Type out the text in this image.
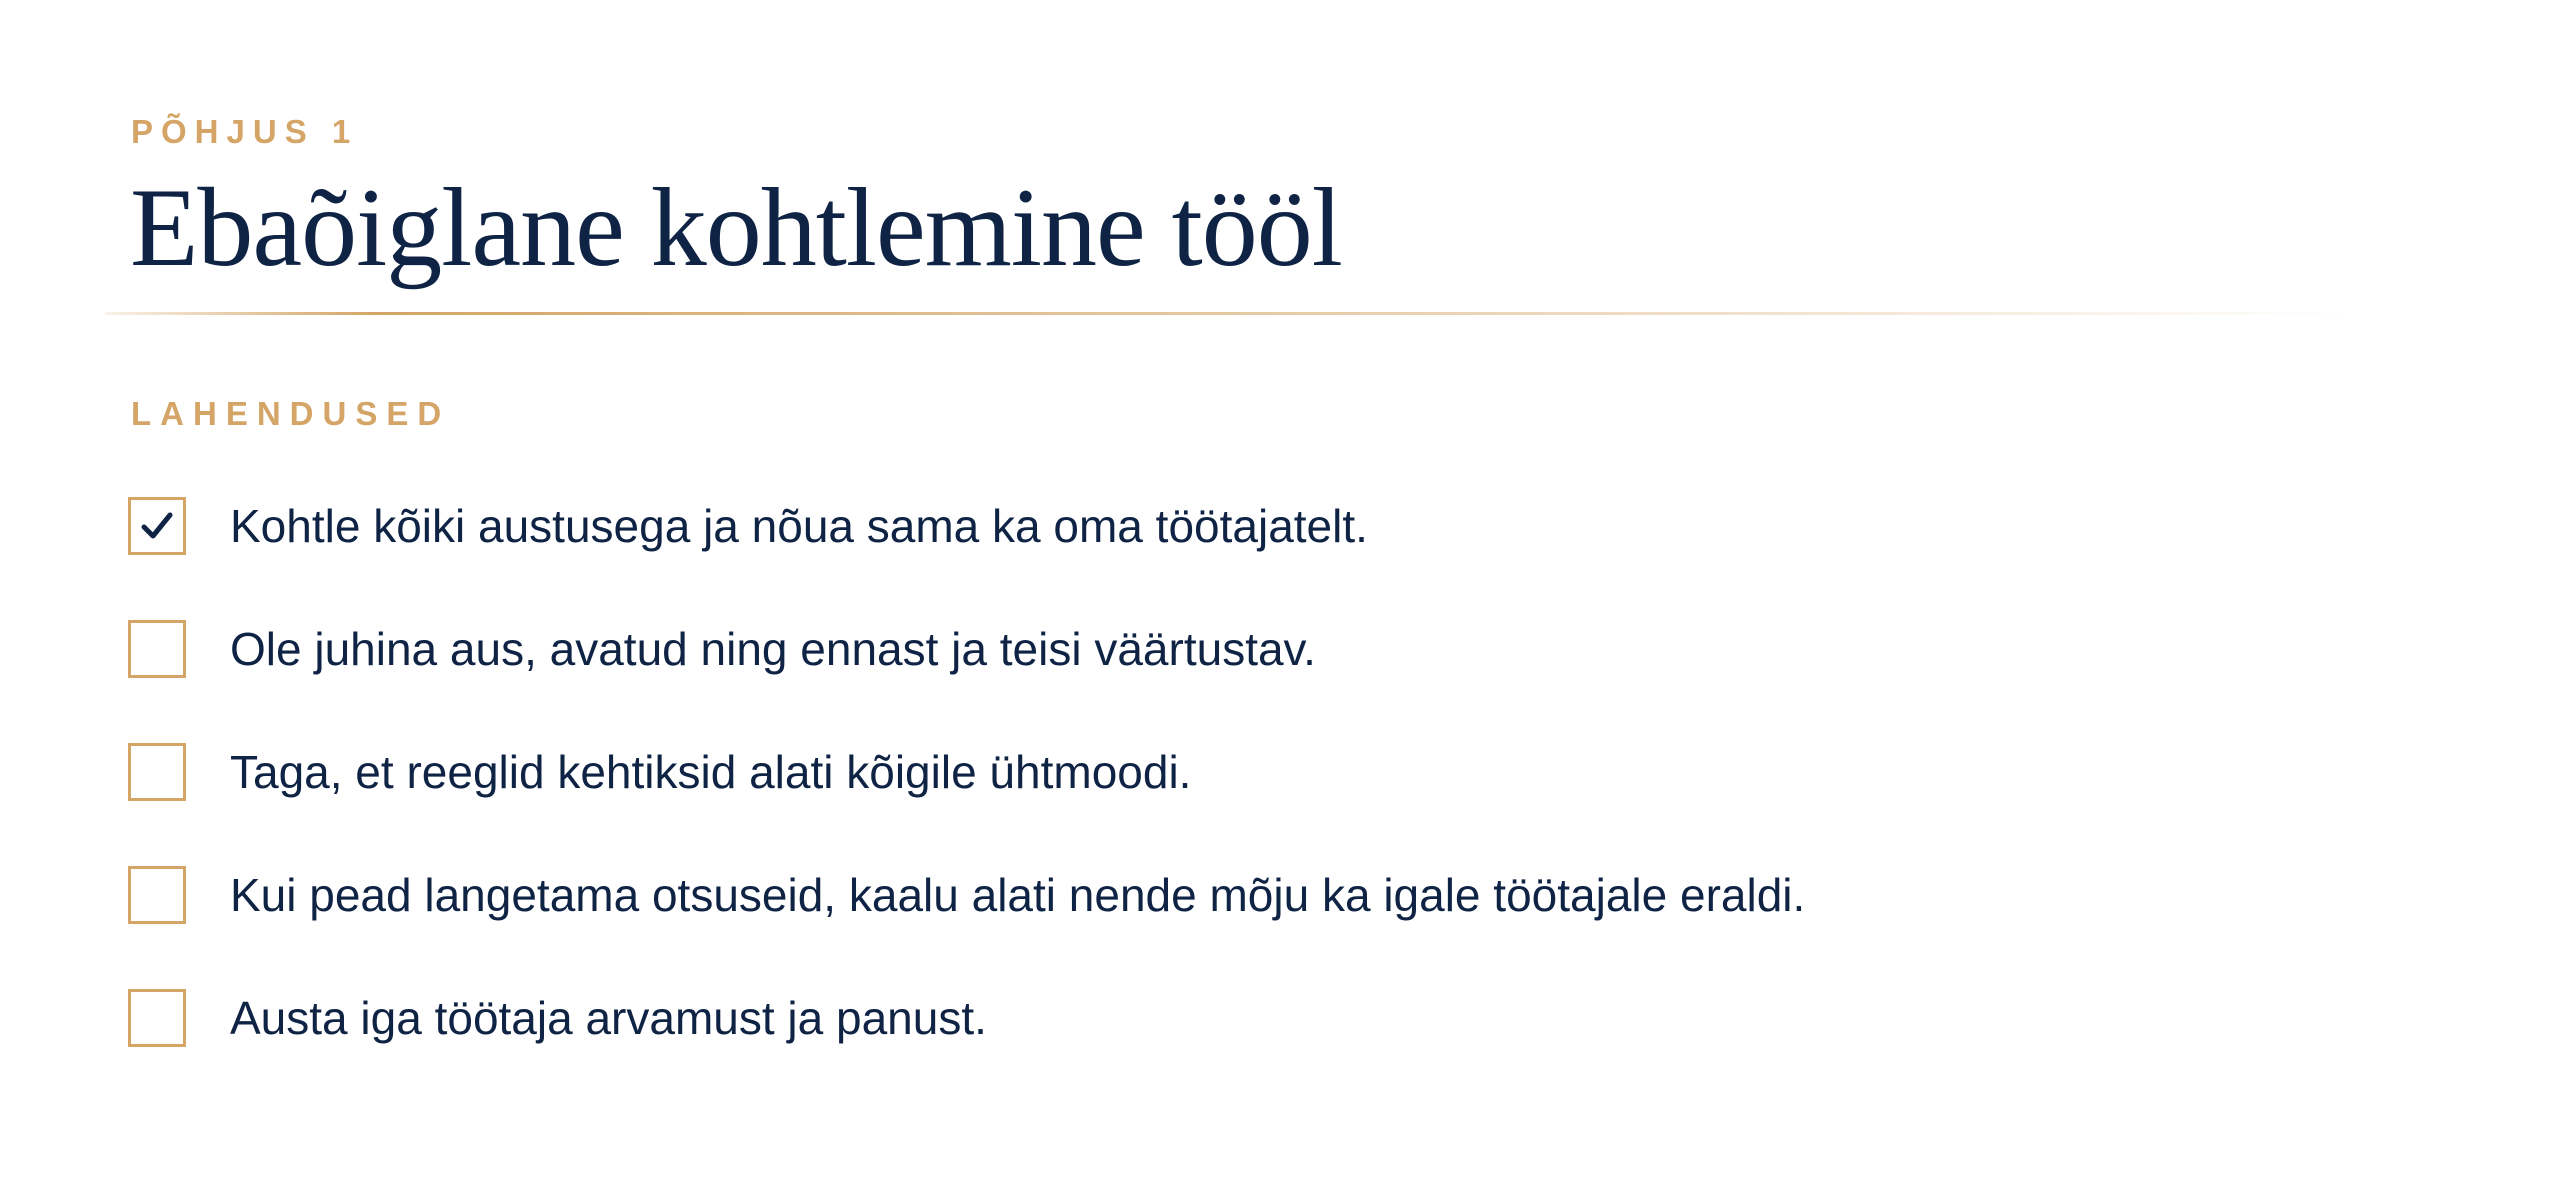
PÕHJUS 1

Ebaõiglane kohtlemine tööl

LAHENDUSED

Kohtle kõiki austusega ja nõua sama ka oma töötajatelt.
Ole juhina aus, avatud ning ennast ja teisi väärtustav.
Taga, et reeglid kehtiksid alati kõigile ühtmoodi.
Kui pead langetama otsuseid, kaalu alati nende mõju ka igale töötajale eraldi.
Austa iga töötaja arvamust ja panust.
